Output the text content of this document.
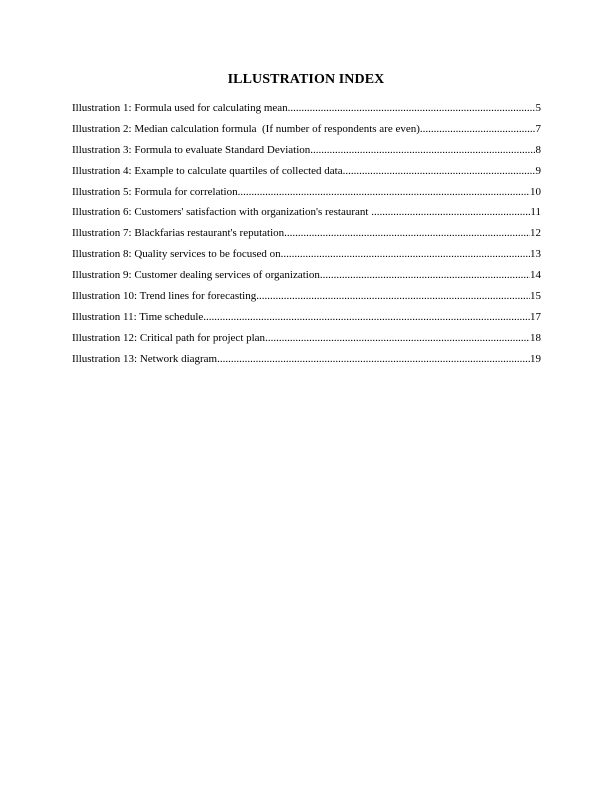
ILLUSTRATION INDEX
Illustration 1: Formula used for calculating mean .....	5
Illustration 2: Median calculation formula  (If number of respondents are even) .....	7
Illustration 3: Formula to evaluate Standard Deviation .....	8
Illustration 4: Example to calculate quartiles of collected data .....	9
Illustration 5: Formula for correlation .....	10
Illustration 6: Customers' satisfaction with organization's restaurant .....	11
Illustration 7: Blackfarias restaurant's reputation .....	12
Illustration 8: Quality services to be focused on .....	13
Illustration 9: Customer dealing services of organization .....	14
Illustration 10: Trend lines for forecasting .....	15
Illustration 11: Time schedule .....	17
Illustration 12: Critical path for project plan .....	18
Illustration 13: Network diagram .....	19
